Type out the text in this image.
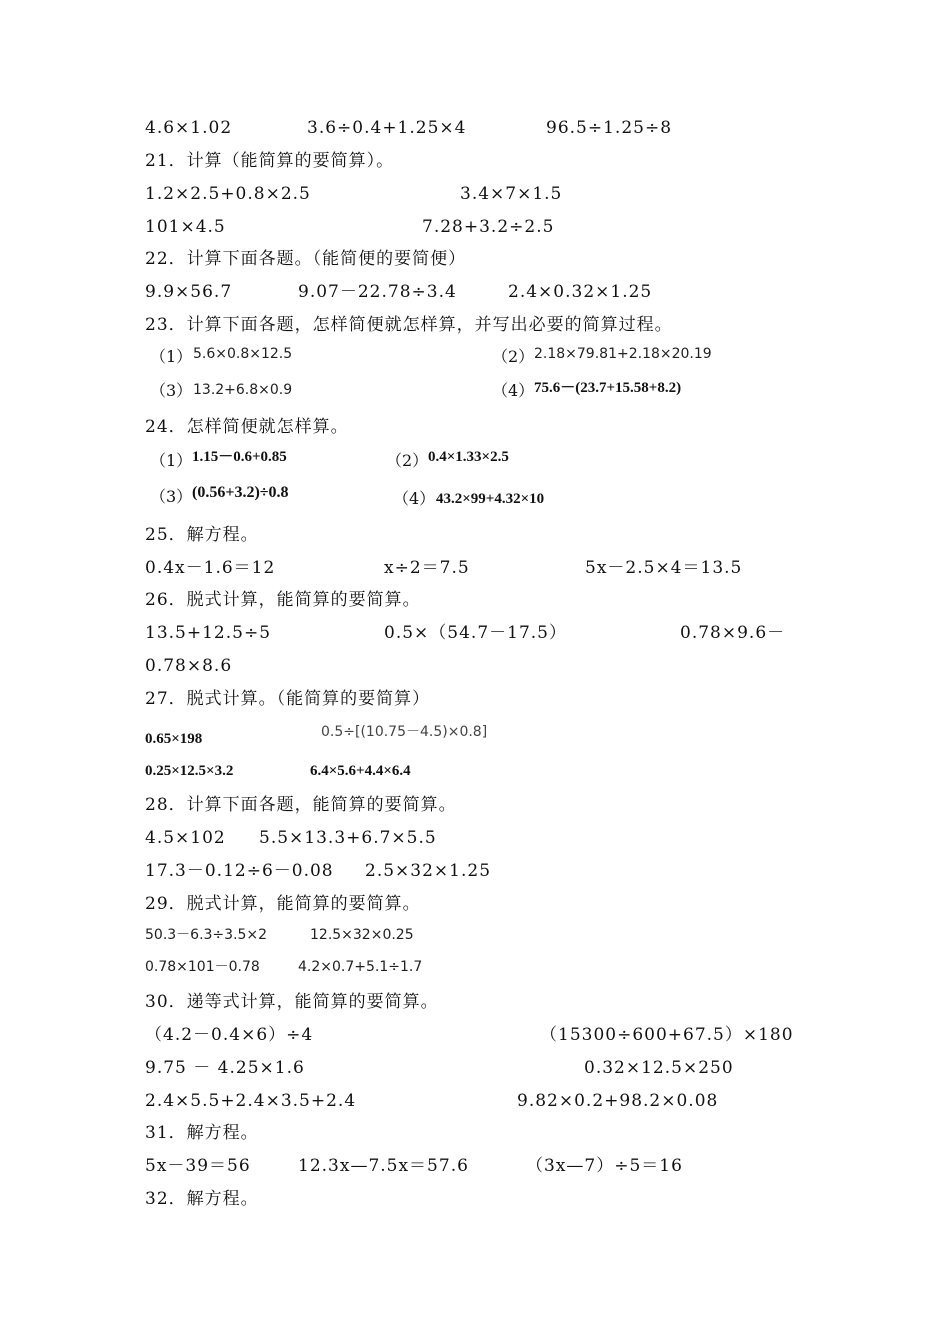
4.6×1.02	3.6÷0.4+1.25×4	96.5÷1.25÷8
21．计算（能简算的要简算）。
1.2×2.5+0.8×2.5	3.4×7×1.5
101×4.5	7.28+3.2÷2.5
22．计算下面各题。（能简便的要简便）
9.9×56.7	9.07－22.78÷3.4	2.4×0.32×1.25
23．计算下面各题，怎样简便就怎样算，并写出必要的简算过程。
（1） 5.6×0.8×12.5	（2） 2.18×79.81+2.18×20.19
（3） 13.2+6.8×0.9	（4） 75.6－(23.7+15.58+8.2)
24．怎样简便就怎样算。
（1） 1.15－0.6+0.85	（2） 0.4×1.33×2.5
（3） (0.56+3.2)÷0.8	（4） 43.2×99+4.32×10
25．解方程。
0.4x－1.6＝12	x÷2＝7.5	5x－2.5×4＝13.5
26．脱式计算，能简算的要简算。
13.5+12.5÷5	0.5×（54.7－17.5）	0.78×9.6－
0.78×8.6
27．脱式计算。（能简算的要简算）
0.65×198	0.5÷[(10.75－4.5)×0.8]
0.25×12.5×3.2	6.4×5.6+4.4×6.4
28．计算下面各题，能简算的要简算。
4.5×102 5.5×13.3+6.7×5.5
17.3－0.12÷6－0.08 2.5×32×1.25
29．脱式计算，能简算的要简算。
50.3－6.3÷3.5×2	12.5×32×0.25
0.78×101－0.78	4.2×0.7+5.1÷1.7
30．递等式计算，能简算的要简算。
（4.2－0.4×6）÷4	（15300÷600+67.5）×180
9.75 － 4.25×1.6	0.32×12.5×250
2.4×5.5+2.4×3.5+2.4	9.82×0.2+98.2×0.08
31．解方程。
5x－39＝56	12.3x—7.5x＝57.6	（3x—7）÷5＝16
32．解方程。
